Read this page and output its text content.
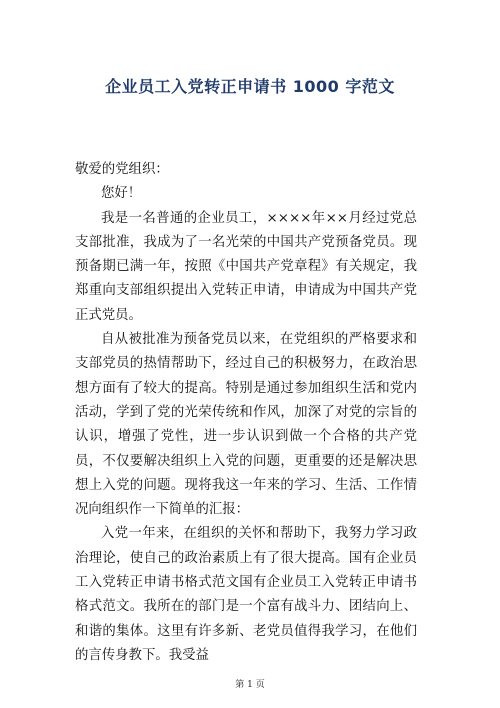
企业员工入党转正申请书 1000 字范文

敬爱的党组织：

您好！

我是一名普通的企业员工，××××年××月经过党总支部批准，我成为了一名光荣的中国共产党预备党员。现预备期已满一年，按照《中国共产党章程》有关规定，我郑重向支部组织提出入党转正申请，申请成为中国共产党正式党员。

自从被批准为预备党员以来，在党组织的严格要求和支部党员的热情帮助下，经过自己的积极努力，在政治思想方面有了较大的提高。特别是通过参加组织生活和党内活动，学到了党的光荣传统和作风，加深了对党的宗旨的认识，增强了党性，进一步认识到做一个合格的共产党员，不仅要解决组织上入党的问题，更重要的还是解决思想上入党的问题。现将我这一年来的学习、生活、工作情况向组织作一下简单的汇报：

入党一年来，在组织的关怀和帮助下，我努力学习政治理论，使自己的政治素质上有了很大提高。国有企业员工入党转正申请书格式范文国有企业员工入党转正申请书格式范文。我所在的部门是一个富有战斗力、团结向上、和谐的集体。这里有许多新、老党员值得我学习，在他们的言传身教下。我受益

第 1 页
